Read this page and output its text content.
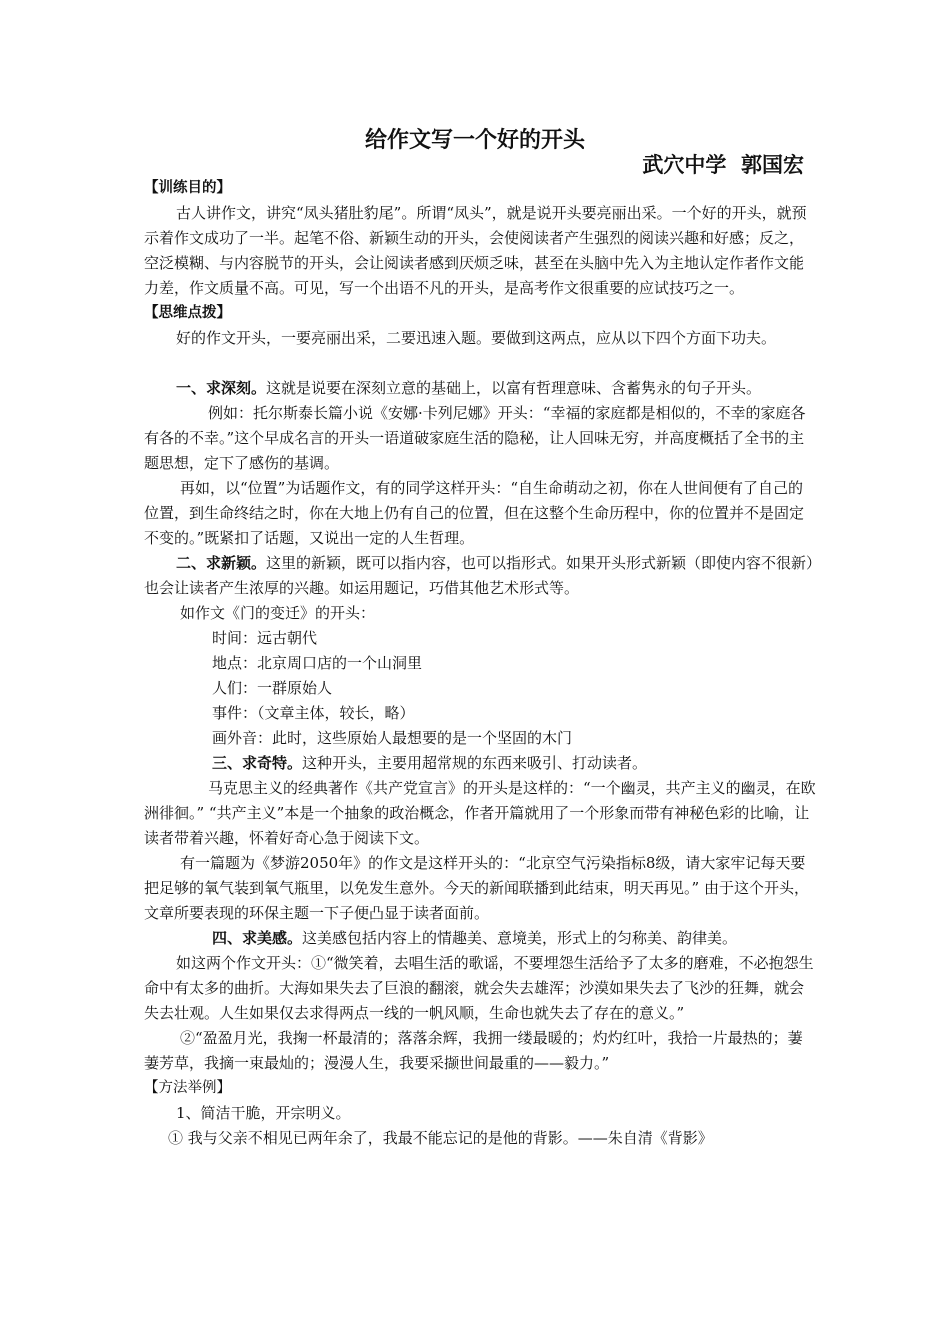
给作文写一个好的开头
武穴中学  郭国宏

【训练目的】

古人讲作文，讲究“凤头猪肚豹尾”。所谓“凤头”，就是说开头要亮丽出采。一个好的开头，就预示着作文成功了一半。起笔不俗、新颖生动的开头，会使阅读者产生强烈的阅读兴趣和好感；反之，空泛模糊、与内容脱节的开头，会让阅读者感到厌烦乏味，甚至在头脑中先入为主地认定作者作文能力差，作文质量不高。可见，写一个出语不凡的开头，是高考作文很重要的应试技巧之一。

【思维点拨】

好的作文开头，一要亮丽出采，二要迅速入题。要做到这两点，应从以下四个方面下功夫。

一、求深刻。这就是说要在深刻立意的基础上，以富有哲理意味、含蓄隽永的句子开头。

例如：托尔斯泰长篇小说《安娜·卡列尼娜》开头：“幸福的家庭都是相似的，不幸的家庭各有各的不幸。”这个早成名言的开头一语道破家庭生活的隐秘，让人回味无穷，并高度概括了全书的主题思想，定下了感伤的基调。

再如，以“位置”为话题作文，有的同学这样开头：“自生命萌动之初，你在人世间便有了自己的位置，到生命终结之时，你在大地上仍有自己的位置，但在这整个生命历程中，你的位置并不是固定不变的。”既紧扣了话题，又说出一定的人生哲理。

二、求新颖。这里的新颖，既可以指内容，也可以指形式。如果开头形式新颖（即使内容不很新）也会让读者产生浓厚的兴趣。如运用题记，巧借其他艺术形式等。

如作文《门的变迁》的开头：

时间：远古朝代

地点：北京周口店的一个山洞里

人们：一群原始人

事件：（文章主体，较长，略）

画外音：此时，这些原始人最想要的是一个坚固的木门

三、求奇特。这种开头，主要用超常规的东西来吸引、打动读者。

马克思主义的经典著作《共产党宣言》的开头是这样的：“一个幽灵，共产主义的幽灵，在欧洲徘徊。” “共产主义”本是一个抽象的政治概念，作者开篇就用了一个形象而带有神秘色彩的比喻，让读者带着兴趣，怀着好奇心急于阅读下文。

有一篇题为《梦游2050年》的作文是这样开头的：“北京空气污染指标8级，请大家牢记每天要把足够的氧气装到氧气瓶里，以免发生意外。今天的新闻联播到此结束，明天再见。” 由于这个开头，文章所要表现的环保主题一下子便凸显于读者面前。

四、求美感。这美感包括内容上的情趣美、意境美，形式上的匀称美、韵律美。

如这两个作文开头：①“微笑着，去唱生活的歌谣，不要埋怨生活给予了太多的磨难，不必抱怨生命中有太多的曲折。大海如果失去了巨浪的翻滚，就会失去雄浑；沙漠如果失去了飞沙的狂舞，就会失去壮观。人生如果仅去求得两点一线的一帆风顺，生命也就失去了存在的意义。”

②“盈盈月光，我掬一杯最清的；落落余辉，我拥一缕最暖的；灼灼红叶，我拾一片最热的；萋萋芳草，我摘一束最灿的；漫漫人生，我要采撷世间最重的——毅力。”

【方法举例】

1、简洁干脆，开宗明义。

① 我与父亲不相见已两年余了，我最不能忘记的是他的背影。——朱自清《背影》
